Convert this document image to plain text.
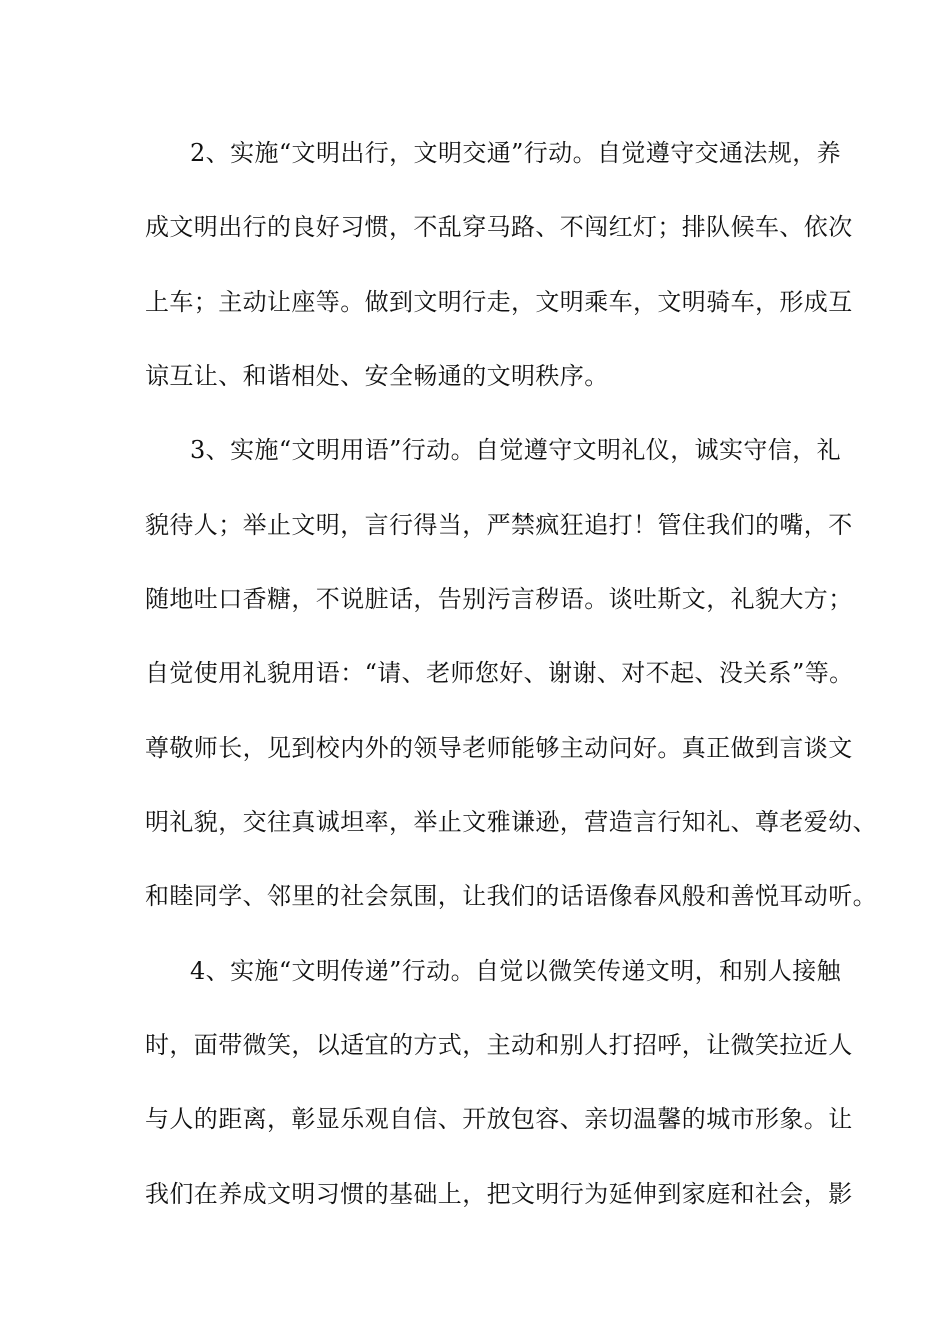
2、实施“文明出行，文明交通”行动。自觉遵守交通法规，养
成文明出行的良好习惯，不乱穿马路、不闯红灯；排队候车、依次
上车；主动让座等。做到文明行走，文明乘车，文明骑车，形成互
谅互让、和谐相处、安全畅通的文明秩序。
3、实施“文明用语”行动。自觉遵守文明礼仪，诚实守信，礼
貌待人；举止文明，言行得当，严禁疯狂追打！管住我们的嘴，不
随地吐口香糖，不说脏话，告别污言秽语。谈吐斯文，礼貌大方；
自觉使用礼貌用语：“请、老师您好、谢谢、对不起、没关系”等。
尊敬师长，见到校内外的领导老师能够主动问好。真正做到言谈文
明礼貌，交往真诚坦率，举止文雅谦逊，营造言行知礼、尊老爱幼、
和睦同学、邻里的社会氛围，让我们的话语像春风般和善悦耳动听。
4、实施“文明传递”行动。自觉以微笑传递文明，和别人接触
时，面带微笑，以适宜的方式，主动和别人打招呼，让微笑拉近人
与人的距离，彰显乐观自信、开放包容、亲切温馨的城市形象。让
我们在养成文明习惯的基础上，把文明行为延伸到家庭和社会，影
